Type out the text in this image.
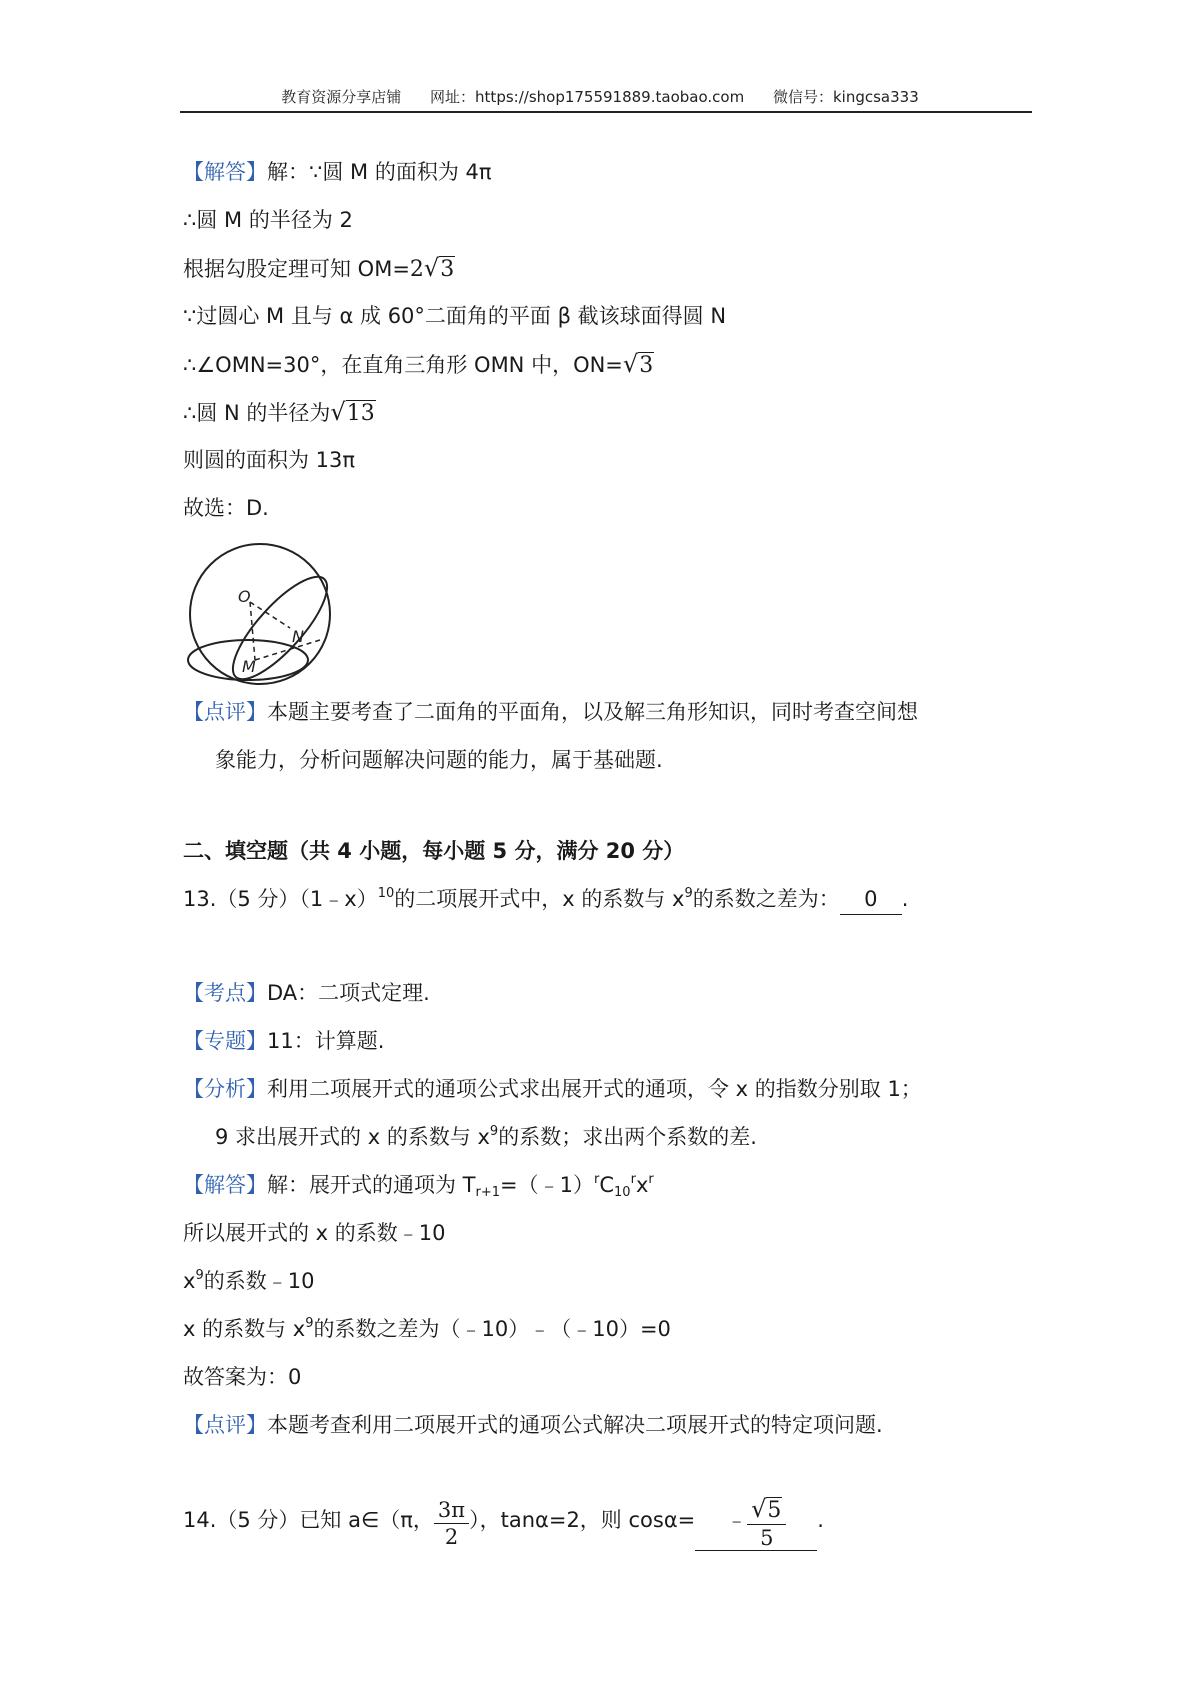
教育资源分享店铺 网址：https://shop175591889.taobao.com 微信号：kingcsa333
【解答】解：∵圆 M 的面积为 4π
∴圆 M 的半径为 2
根据勾股定理可知 OM=2√3
∵过圆心 M 且与 α 成 60°二面角的平面 β 截该球面得圆 N
∴∠OMN=30°，在直角三角形 OMN 中，ON=√3
∴圆 N 的半径为√13
则圆的面积为 13π
故选：D.
O
N
M
【点评】本题主要考查了二面角的平面角，以及解三角形知识，同时考查空间想
象能力，分析问题解决问题的能力，属于基础题.
二、填空题（共 4 小题，每小题 5 分，满分 20 分）
13.（5 分）（1﹣x）$^{10}$的二项展开式中，x 的系数与 $x^9$的系数之差为： 0 .
【考点】DA：二项式定理.
【专题】11：计算题.
【分析】利用二项展开式的通项公式求出展开式的通项，令 x 的指数分别取 1；
9 求出展开式的 x 的系数与 $x^9$的系数；求出两个系数的差.
【解答】解：展开式的通项为 $T_{r+1}=(﹣1)^rC_{10}^rx^r$
所以展开式的 x 的系数﹣10
$x^9$的系数﹣10
x 的系数与 $x^9$的系数之差为（﹣10）﹣（﹣10）=0
故答案为：0
【点评】本题考查利用二项展开式的通项公式解决二项展开式的特定项问题.
14.（5 分）已知 a∈（π， $\frac{3\pi}{2}$ ），tanα=2，则 cosα= ﹣ $\frac{√5}{5}$ .
